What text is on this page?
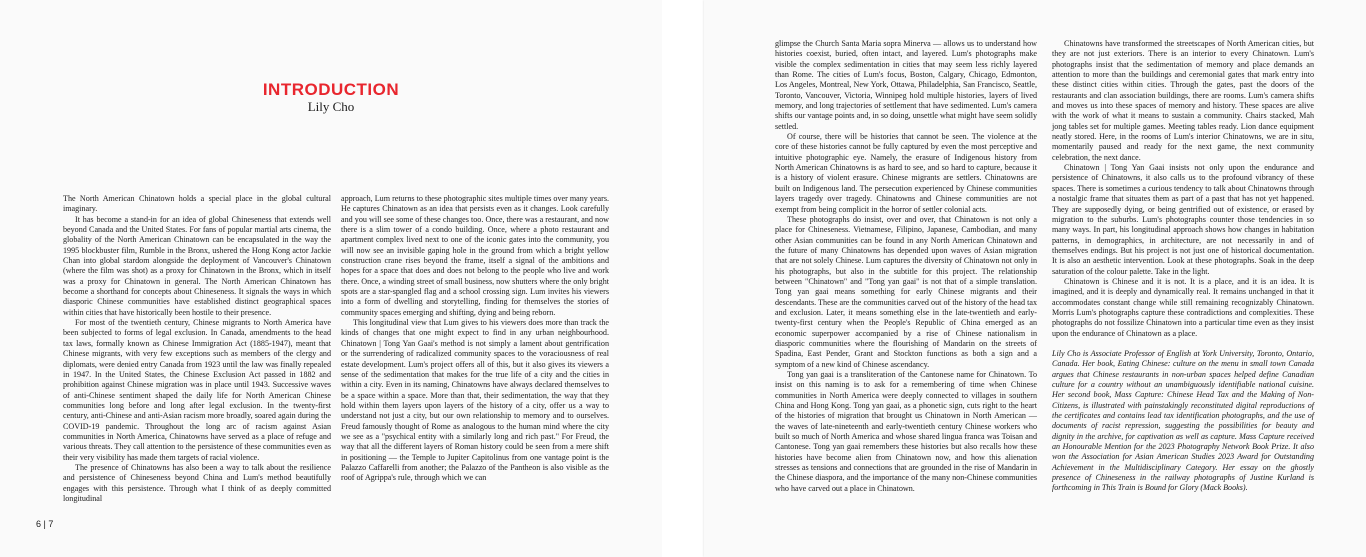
INTRODUCTION
Lily Cho

The North American Chinatown holds a special place in the global cultural imaginary.

It has become a stand-in for an idea of global Chineseness that extends well beyond Canada and the United States. For fans of popular martial arts cinema, the globality of the North American Chinatown can be encapsulated in the way the 1995 blockbuster film, Rumble in the Bronx, ushered the Hong Kong actor Jackie Chan into global stardom alongside the deployment of Vancouver's Chinatown (where the film was shot) as a proxy for Chinatown in the Bronx, which in itself was a proxy for Chinatown in general. The North American Chinatown has become a shorthand for concepts about Chineseness. It signals the ways in which diasporic Chinese communities have established distinct geographical spaces within cities that have historically been hostile to their presence.

For most of the twentieth century, Chinese migrants to North America have been subjected to forms of legal exclusion. In Canada, amendments to the head tax laws, formally known as Chinese Immigration Act (1885-1947), meant that Chinese migrants, with very few exceptions such as members of the clergy and diplomats, were denied entry Canada from 1923 until the law was finally repealed in 1947. In the United States, the Chinese Exclusion Act passed in 1882 and prohibition against Chinese migration was in place until 1943. Successive waves of anti-Chinese sentiment shaped the daily life for North American Chinese communities long before and long after legal exclusion. In the twenty-first century, anti-Chinese and anti-Asian racism more broadly, soared again during the COVID-19 pandemic. Throughout the long arc of racism against Asian communities in North America, Chinatowns have served as a place of refuge and various threats. They call attention to the persistence of these communities even as their very visibility has made them targets of racial violence.

The presence of Chinatowns has also been a way to talk about the resilience and persistence of Chineseness beyond China and Lum's method beautifully engages with this persistence. Through what I think of as deeply committed longitudinal

approach, Lum returns to these photographic sites multiple times over many years. He captures Chinatown as an idea that persists even as it changes. Look carefully and you will see some of these changes too. Once, there was a restaurant, and now there is a slim tower of a condo building. Once, where a photo restaurant and apartment complex lived next to one of the iconic gates into the community, you will now see an invisible gaping hole in the ground from which a bright yellow construction crane rises beyond the frame, itself a signal of the ambitions and hopes for a space that does and does not belong to the people who live and work there. Once, a winding street of small business, now shutters where the only bright spots are a star-spangled flag and a school crossing sign. Lum invites his viewers into a form of dwelling and storytelling, finding for themselves the stories of community spaces emerging and shifting, dying and being reborn.

This longitudinal view that Lum gives to his viewers does more than track the kinds of changes that one might expect to find in any urban neighbourhood. Chinatown | Tong Yan Gaai's method is not simply a lament about gentrification or the surrendering of radicalized community spaces to the voraciousness of real estate development. Lum's project offers all of this, but it also gives its viewers a sense of the sedimentation that makes for the true life of a city and the cities in within a city. Even in its naming, Chinatowns have always declared themselves to be a space within a space. More than that, their sedimentation, the way that they hold within them layers upon layers of the history of a city, offer us a way to understand not just a city, but our own relationship to memory and to ourselves. Freud famously thought of Rome as analogous to the human mind where the city we see as a "psychical entity with a similarly long and rich past." For Freud, the way that all the different layers of Roman history could be seen from a mere shift in positioning — the Temple to Jupiter Capitolinus from one vantage point is the Palazzo Caffarelli from another; the Palazzo of the Pantheon is also visible as the roof of Agrippa's rule, through which we can

6 | 7

glimpse the Church Santa Maria sopra Minerva — allows us to understand how histories coexist, buried, often intact, and layered. Lum's photographs make visible the complex sedimentation in cities that may seem less richly layered than Rome. The cities of Lum's focus, Boston, Calgary, Chicago, Edmonton, Los Angeles, Montreal, New York, Ottawa, Philadelphia, San Francisco, Seattle, Toronto, Vancouver, Victoria, Winnipeg hold multiple histories, layers of lived memory, and long trajectories of settlement that have sedimented. Lum's camera shifts our vantage points and, in so doing, unsettle what might have seem solidly settled.

Of course, there will be histories that cannot be seen. The violence at the core of these histories cannot be fully captured by even the most perceptive and intuitive photographic eye. Namely, the erasure of Indigenous history from North American Chinatowns is as hard to see, and so hard to capture, because it is a history of violent erasure. Chinese migrants are settlers. Chinatowns are built on Indigenous land. The persecution experienced by Chinese communities layers tragedy over tragedy. Chinatowns and Chinese communities are not exempt from being complicit in the horror of settler colonial acts.

These photographs do insist, over and over, that Chinatown is not only a place for Chineseness. Vietnamese, Filipino, Japanese, Cambodian, and many other Asian communities can be found in any North American Chinatown and the future of many Chinatowns has depended upon waves of Asian migration that are not solely Chinese. Lum captures the diversity of Chinatown not only in his photographs, but also in the subtitle for this project. The relationship between "Chinatown" and "Tong yan gaai" is not that of a simple translation. Tong yan gaai means something for early Chinese migrants and their descendants. These are the communities carved out of the history of the head tax and exclusion. Later, it means something else in the late-twentieth and early-twenty-first century when the People's Republic of China emerged as an economic superpower accompanied by a rise of Chinese nationalism in diasporic communities where the flourishing of Mandarin on the streets of Spadina, East Pender, Grant and Stockton functions as both a sign and a symptom of a new kind of Chinese ascendancy.

Tong yan gaai is a transliteration of the Cantonese name for Chinatown. To insist on this naming is to ask for a remembering of time when Chinese communities in North America were deeply connected to villages in southern China and Hong Kong. Tong yan gaai, as a phonetic sign, cuts right to the heart of the histories of migration that brought us Chinatown in North American — the waves of late-nineteenth and early-twentieth century Chinese workers who built so much of North America and whose shared lingua franca was Toisan and Cantonese. Tong yan gaai remembers these histories but also recalls how these histories have become alien from Chinatown now, and how this alienation stresses as tensions and connections that are grounded in the rise of Mandarin in the Chinese diaspora, and the importance of the many non-Chinese communities who have carved out a place in Chinatown.

Chinatowns have transformed the streetscapes of North American cities, but they are not just exteriors. There is an interior to every Chinatown. Lum's photographs insist that the sedimentation of memory and place demands an attention to more than the buildings and ceremonial gates that mark entry into these distinct cities within cities. Through the gates, past the doors of the restaurants and clan association buildings, there are rooms. Lum's camera shifts and moves us into these spaces of memory and history. These spaces are alive with the work of what it means to sustain a community. Chairs stacked, Mah jong tables set for multiple games. Meeting tables ready. Lion dance equipment neatly stored. Here, in the rooms of Lum's interior Chinatowns, we are in situ, momentarily paused and ready for the next game, the next community celebration, the next dance.

Chinatown | Tong Yan Gaai insists not only upon the endurance and persistence of Chinatowns, it also calls us to the profound vibrancy of these spaces. There is sometimes a curious tendency to talk about Chinatowns through a nostalgic frame that situates them as part of a past that has not yet happened. They are supposedly dying, or being gentrified out of existence, or erased by migration to the suburbs. Lum's photographs counter those tendencies in so many ways. In part, his longitudinal approach shows how changes in habitation patterns, in demographics, in architecture, are not necessarily in and of themselves endings. But his project is not just one of historical documentation. It is also an aesthetic intervention. Look at these photographs. Soak in the deep saturation of the colour palette. Take in the light.

Chinatown is Chinese and it is not. It is a place, and it is an idea. It is imagined, and it is deeply and dynamically real. It remains unchanged in that it accommodates constant change while still remaining recognizably Chinatown. Morris Lum's photographs capture these contradictions and complexities. These photographs do not fossilize Chinatown into a particular time even as they insist upon the endurance of Chinatown as a place.

Lily Cho is Associate Professor of English at York University, Toronto, Ontario, Canada. Her book, Eating Chinese: culture on the menu in small town Canada argues that Chinese restaurants in non-urban spaces helped define Canadian culture for a country without an unambiguously identifiable national cuisine. Her second book, Mass Capture: Chinese Head Tax and the Making of Non-Citizens, is illustrated with painstakingly reconstituted digital reproductions of the certificates and contains lead tax identification photographs, and the use of documents of racist repression, suggesting the possibilities for beauty and dignity in the archive, for captivation as well as capture. Mass Capture received an Honourable Mention for the 2023 Photography Network Book Prize. It also won the Association for Asian American Studies 2023 Award for Outstanding Achievement in the Multidisciplinary Category. Her essay on the ghostly presence of Chineseness in the railway photographs of Justine Kurland is forthcoming in This Train is Bound for Glory (Mack Books).
